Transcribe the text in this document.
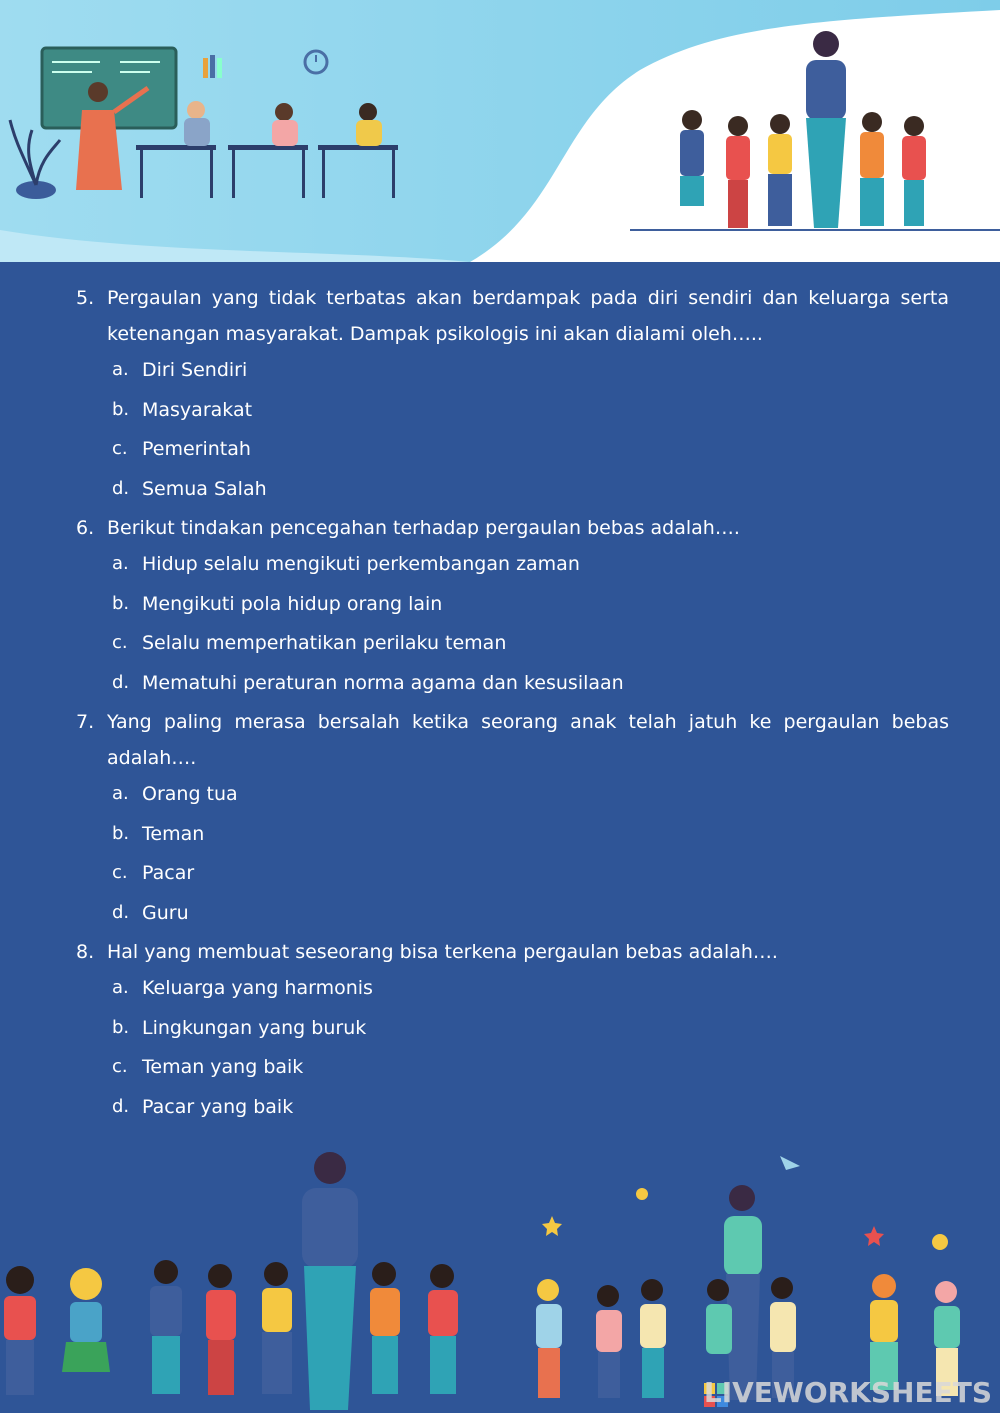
5. Pergaulan yang tidak terbatas akan berdampak pada diri sendiri dan keluarga serta ketenangan masyarakat. Dampak psikologis ini akan dialami oleh…..
a. Diri Sendiri
b. Masyarakat
c. Pemerintah
d. Semua Salah
6. Berikut tindakan pencegahan terhadap pergaulan bebas adalah….
a. Hidup selalu mengikuti perkembangan zaman
b. Mengikuti pola hidup orang lain
c. Selalu memperhatikan perilaku teman
d. Mematuhi peraturan norma agama dan kesusilaan
7. Yang paling merasa bersalah ketika seorang anak telah jatuh ke pergaulan bebas adalah….
a. Orang tua
b. Teman
c. Pacar
d. Guru
8. Hal yang membuat seseorang bisa terkena pergaulan bebas adalah….
a. Keluarga yang harmonis
b. Lingkungan yang buruk
c. Teman yang baik
d. Pacar yang baik
LIVEWORKSHEETS
